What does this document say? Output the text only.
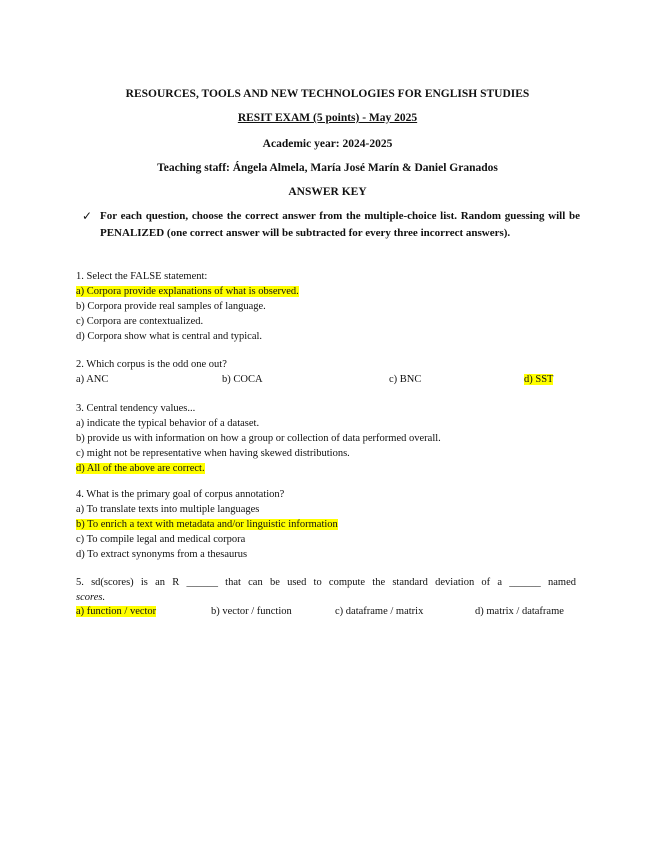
RESOURCES, TOOLS AND NEW TECHNOLOGIES FOR ENGLISH STUDIES
RESIT EXAM (5 points) - May 2025
Academic year: 2024-2025
Teaching staff: Ángela Almela, María José Marín & Daniel Granados
ANSWER KEY
✓ For each question, choose the correct answer from the multiple-choice list. Random guessing will be PENALIZED (one correct answer will be subtracted for every three incorrect answers).
1. Select the FALSE statement:
a) Corpora provide explanations of what is observed.
b) Corpora provide real samples of language.
c) Corpora are contextualized.
d) Corpora show what is central and typical.
2. Which corpus is the odd one out?
a) ANC	b) COCA	c) BNC	d) SST
3. Central tendency values...
a) indicate the typical behavior of a dataset.
b) provide us with information on how a group or collection of data performed overall.
c) might not be representative when having skewed distributions.
d) All of the above are correct.
4. What is the primary goal of corpus annotation?
a) To translate texts into multiple languages
b) To enrich a text with metadata and/or linguistic information
c) To compile legal and medical corpora
d) To extract synonyms from a thesaurus
5. sd(scores) is an R ______ that can be used to compute the standard deviation of a ______ named
scores.
a) function / vector	b) vector / function	c) dataframe / matrix	d) matrix / dataframe
